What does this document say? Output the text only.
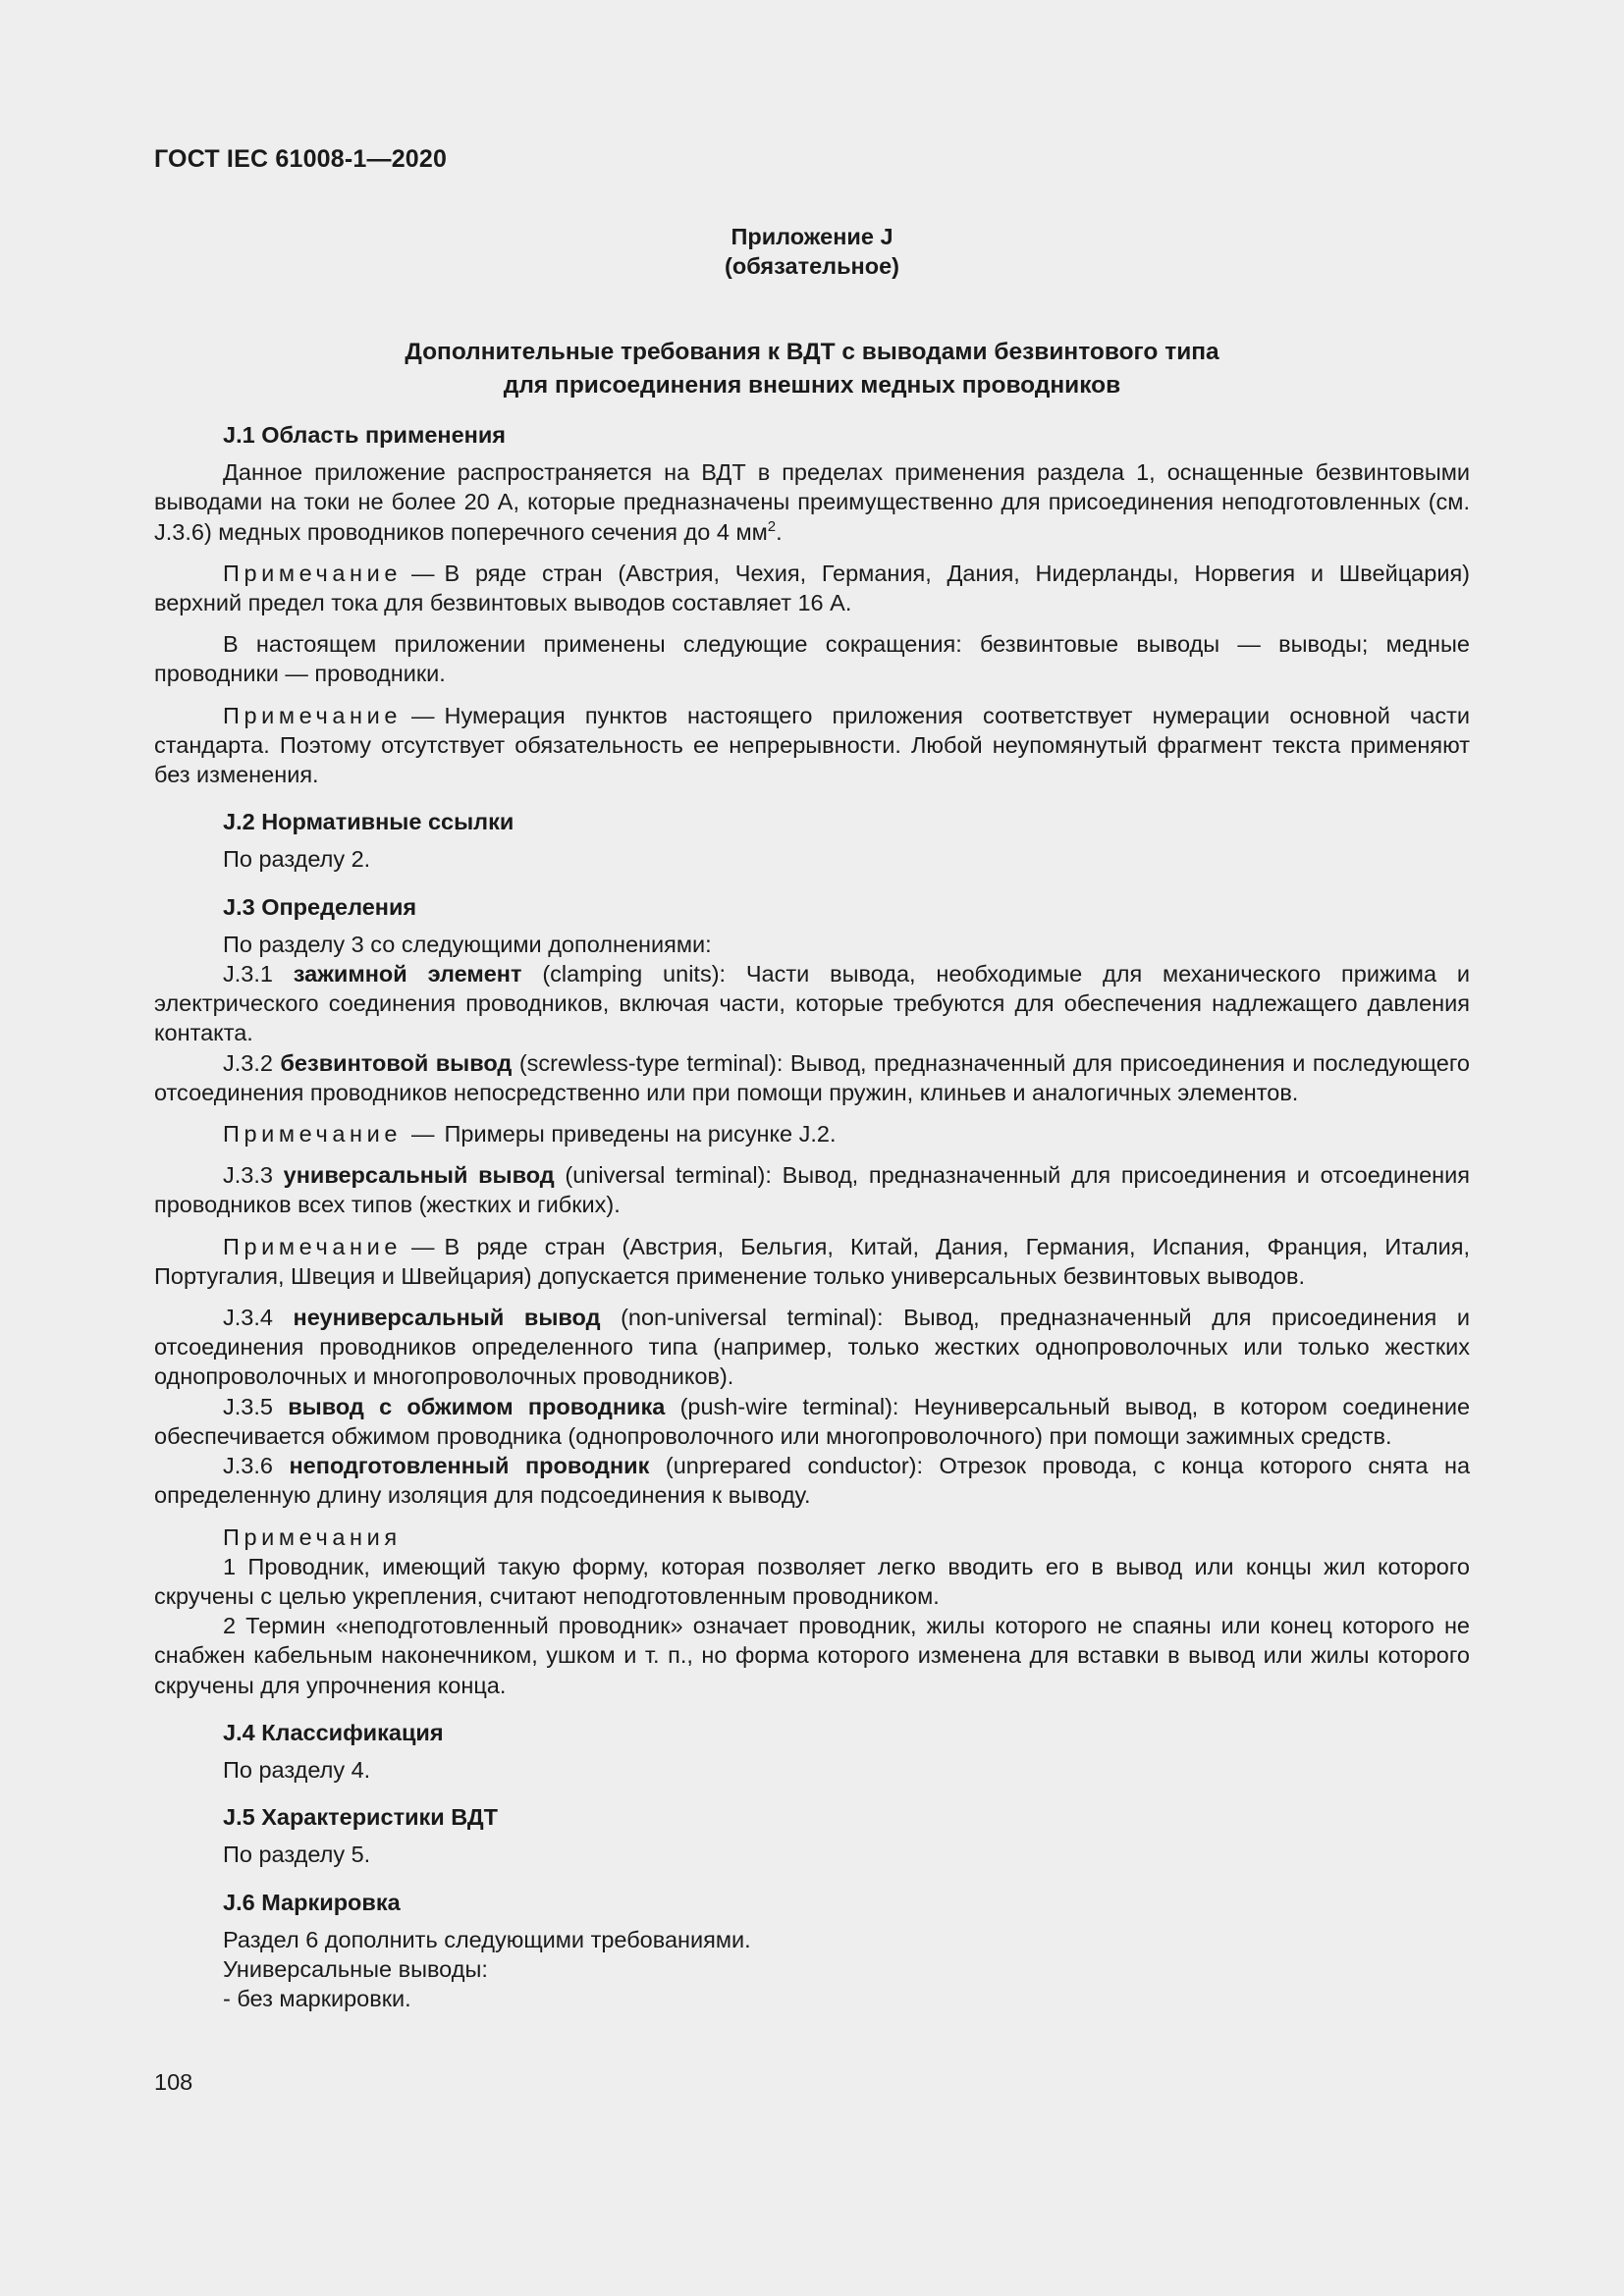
ГОСТ IEC 61008-1—2020
Приложение J
(обязательное)
Дополнительные требования к ВДТ с выводами безвинтового типа
для присоединения внешних медных проводников
J.1 Область применения

Данное приложение распространяется на ВДТ в пределах применения раздела 1, оснащенные безвинтовыми выводами на токи не более 20 А, которые предназначены преимущественно для присоединения неподготовленных (см. J.3.6) медных проводников поперечного сечения до 4 $мм^2$.

Примечание — В ряде стран (Австрия, Чехия, Германия, Дания, Нидерланды, Норвегия и Швейцария) верхний предел тока для безвинтовых выводов составляет 16 А.

В настоящем приложении применены следующие сокращения: безвинтовые выводы — выводы; медные проводники — проводники.

Примечание — Нумерация пунктов настоящего приложения соответствует нумерации основной части стандарта. Поэтому отсутствует обязательность ее непрерывности. Любой неупомянутый фрагмент текста применяют без изменения.

J.2 Нормативные ссылки

По разделу 2.

J.3 Определения

По разделу 3 со следующими дополнениями:

J.3.1 зажимной элемент (clamping units): Части вывода, необходимые для механического прижима и электрического соединения проводников, включая части, которые требуются для обеспечения надлежащего давления контакта.

J.3.2 безвинтовой вывод (screwless-type terminal): Вывод, предназначенный для присоединения и последующего отсоединения проводников непосредственно или при помощи пружин, клиньев и аналогичных элементов.

Примечание — Примеры приведены на рисунке J.2.

J.3.3 универсальный вывод (universal terminal): Вывод, предназначенный для присоединения и отсоединения проводников всех типов (жестких и гибких).

Примечание — В ряде стран (Австрия, Бельгия, Китай, Дания, Германия, Испания, Франция, Италия, Португалия, Швеция и Швейцария) допускается применение только универсальных безвинтовых выводов.

J.3.4 неуниверсальный вывод (non-universal terminal): Вывод, предназначенный для присоединения и отсоединения проводников определенного типа (например, только жестких однопроволочных или только жестких однопроволочных и многопроволочных проводников).

J.3.5 вывод с обжимом проводника (push-wire terminal): Неуниверсальный вывод, в котором соединение обеспечивается обжимом проводника (однопроволочного или многопроволочного) при помощи зажимных средств.

J.3.6 неподготовленный проводник (unprepared conductor): Отрезок провода, с конца которого снята на определенную длину изоляция для подсоединения к выводу.

Примечания

1 Проводник, имеющий такую форму, которая позволяет легко вводить его в вывод или концы жил которого скручены с целью укрепления, считают неподготовленным проводником.

2 Термин «неподготовленный проводник» означает проводник, жилы которого не спаяны или конец которого не снабжен кабельным наконечником, ушком и т. п., но форма которого изменена для вставки в вывод или жилы которого скручены для упрочнения конца.

J.4 Классификация

По разделу 4.

J.5 Характеристики ВДТ

По разделу 5.

J.6 Маркировка

Раздел 6 дополнить следующими требованиями.

Универсальные выводы:

- без маркировки.

108
